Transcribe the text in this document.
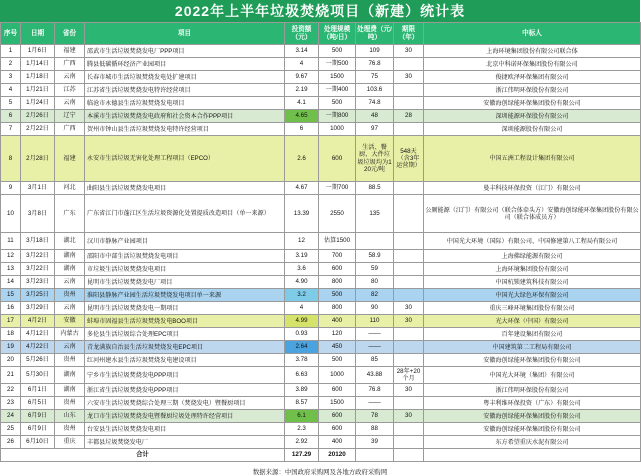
2022年上半年垃圾焚烧项目（新建）统计表
序号	日期	省份	项目	投资额（元）	处理规模（吨/日）	处理费（元/吨）	期限（年）	中标人
1	1月6日	福建	邵武市生活垃圾焚烧发电厂PPP项目	3.14	500	109	30	上海环境集团股份有限公司联合体
2	1月14日	广西	腾县低碳循环经济产业园项目	4	一期500	76.8		北京中科诺环保集团股份有限公司
3	1月18日	云南	长春市城市生活垃圾焚烧发电处扩建项目	9.67	1500	75	30	俊捷欧泽环保集团有限公司
4	1月21日	江苏	江苏省生活垃圾焚烧发电特许经营项目	2.19	一期400	103.6		浙江伟明环保股份有限公司
5	1月24日	云南	临沧市永德县生活垃圾焚烧发电项目	4.1	500	74.8		安徽海创绿能环保集团股份有限公司
6	2月26日	辽宁	本溪市生活垃圾焚烧发电政府和社会资本合作PPP项目	4.65	一期800	48	28	深圳能源环保股份有限公司
7	2月22日	广西	贺州市钟山县生活垃圾焚烧发电特许经营项目	6	1000	97		深圳能源股份有限公司
8	2月28日	福建	永安市生活垃圾无害化处理工程项目（EPCO）	2.6	600	生活、餐厨、大件垃圾垃圾均为120元/吨	548天（含3年运营期）	中国五洲工程设计集团有限公司
9	3月1日	河北	曲阳县生活垃圾焚烧发电项目	4.67	一期700	88.5		曼丰科技环保投资（江门）有限公司
10	3月8日	广东	广东省江门市蓬江区生活垃圾资源化处置提质改造项目（单一来源）	13.39	2550	135		公厕能源（江门）有限公司（联合体牵头方）安徽海创绿能环保集团股份有限公司（联合体成员方）
11	3月18日	湖北	汉川市静脉产业园项目	12	估算1500			中国光大环境（国际）有限公司、中国修建第八工程局有限公司
12	3月22日	湖南	邵阳市中部生活垃圾焚烧发电项目	3.19	700	58.9		上海佛绿能源有限公司
13	3月22日	湖南	市垃圾生活垃圾焚烧发电项目	3.6	600	59		上海环境集团股份有限公司
14	3月23日	云南	昆明市生活垃圾焚烧发电厂项目	4.90	800	80		中国杭锁建筑科技有限公司
15	3月25日	贵州	淮阳县静脉产业园生活垃圾焚烧发电项目单一来源	3.2	500	82		中国光大绿色环保有限公司
16	3月29日	云南	昆明市生活垃圾焚烧发电一期项目	4	800	90	30	重庆三峰环境集团股份有限公司
17	4月2日	安徽	蚌埠市固福县生活垃圾焚烧发电BOO项目	4.99	400	110	30	光大环保（中国）有限公司
18	4月12日	内蒙古	多伦县生活垃圾综合处理EPC项目	0.93	120	——		百年建设集团有限公司
19	4月22日	云南	青龙满族自治县生活垃圾焚烧发电EPC项目	2.64	450	——		中国建筑第二工程局有限公司
20	5月26日	贵州	红河州建水县生活垃圾焚烧发电建设项目	3.78	500	85		安徽海创绿能环保集团股份有限公司
21	5月30日	湖南	宁乡市生活垃圾焚烧发电PPP项目	6.63	1000	43.88	28年+20个月	中国光大环境（集团）有限公司
22	6月1日	湖南	浙江省生活垃圾焚烧发电PPP项目	3.89	600	76.8	30	浙江伟明环保股份有限公司
23	6月5日	贵州	六安市生活垃圾焚烧综合处理三期（焚烧发电）暨餐厨项目	8.57	1500	——		粤丰利维环保投资（广东）有限公司
24	6月9日	山东	龙口市生活垃圾焚烧发电暨餐厨垃圾处理特许经营项目	6.1	600	78	30	安徽海创绿能环保集团股份有限公司
25	6月9日	贵州	台安县生活垃圾焚烧发电项目	2.3	600	88		安徽海创绿能环保集团股份有限公司
26	6月10日	重庆	丰都县垃圾焚烧发电厂	2.92	400	39		东方希望重庆水泥有限公司
合计				127.29	20120			
数据来源：中国政府采购网及各地方政府采购网
